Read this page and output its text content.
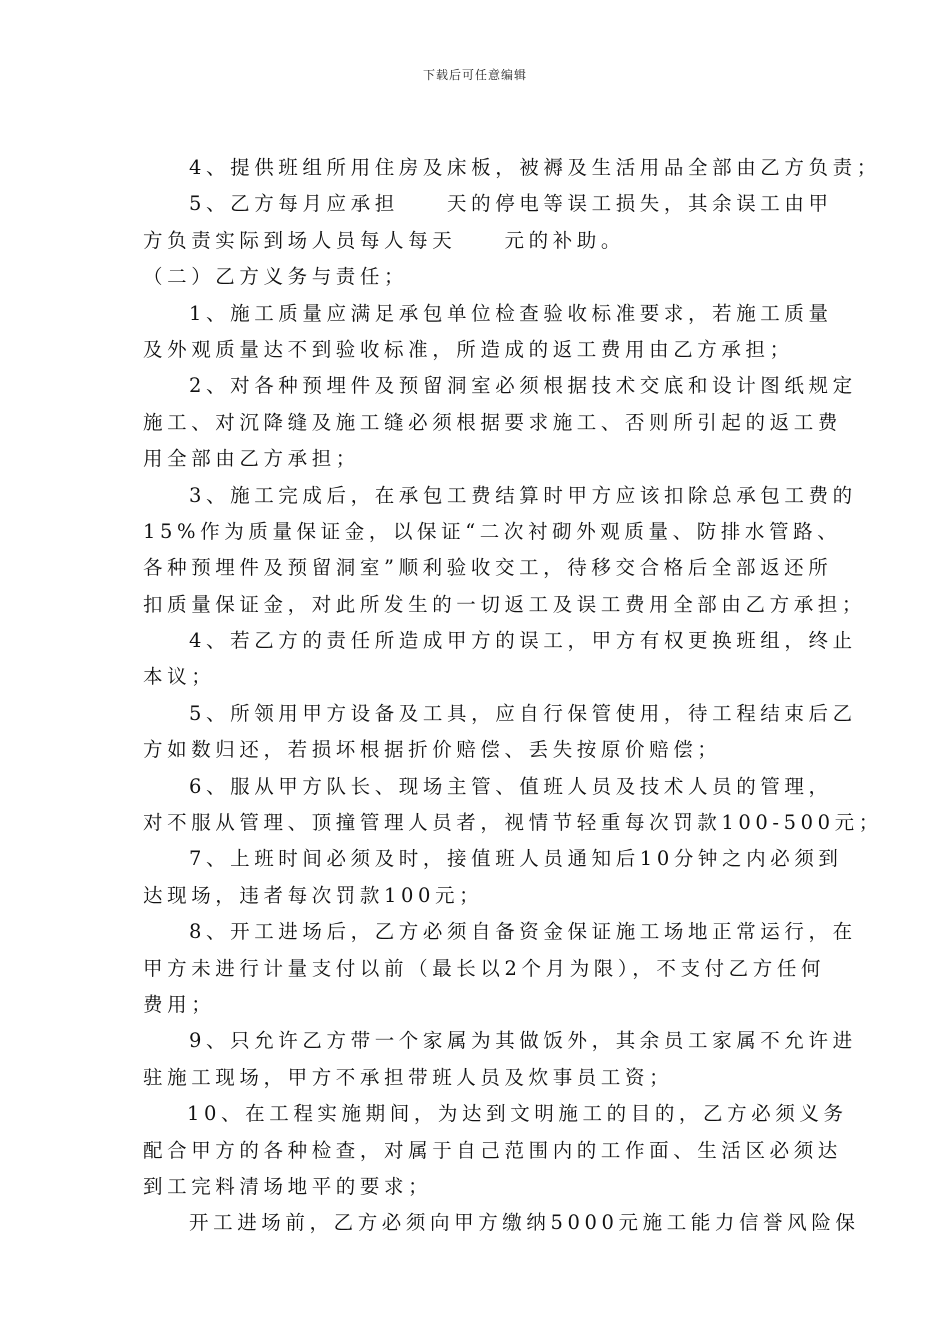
下载后可任意编辑
4、提供班组所用住房及床板，被褥及生活用品全部由乙方负责；
5、乙方每月应承担　　天的停电等误工损失，其余误工由甲
方负责实际到场人员每人每天　　元的补助。
（二）乙方义务与责任；
1、施工质量应满足承包单位检查验收标准要求，若施工质量
及外观质量达不到验收标准，所造成的返工费用由乙方承担；
2、对各种预埋件及预留洞室必须根据技术交底和设计图纸规定
施工、对沉降缝及施工缝必须根据要求施工、否则所引起的返工费
用全部由乙方承担；
3、施工完成后，在承包工费结算时甲方应该扣除总承包工费的
15%作为质量保证金，以保证“二次衬砌外观质量、防排水管路、
各种预埋件及预留洞室”顺利验收交工，待移交合格后全部返还所
扣质量保证金，对此所发生的一切返工及误工费用全部由乙方承担；
4、若乙方的责任所造成甲方的误工，甲方有权更换班组，终止
本议；
5、所领用甲方设备及工具，应自行保管使用，待工程结束后乙
方如数归还，若损坏根据折价赔偿、丢失按原价赔偿；
6、服从甲方队长、现场主管、值班人员及技术人员的管理，
对不服从管理、顶撞管理人员者，视情节轻重每次罚款100-500元；
7、上班时间必须及时，接值班人员通知后10分钟之内必须到
达现场，违者每次罚款100元；
8、开工进场后，乙方必须自备资金保证施工场地正常运行，在
甲方未进行计量支付以前（最长以2个月为限），不支付乙方任何
费用；
9、只允许乙方带一个家属为其做饭外，其余员工家属不允许进
驻施工现场，甲方不承担带班人员及炊事员工资；
10、在工程实施期间，为达到文明施工的目的，乙方必须义务
配合甲方的各种检查，对属于自己范围内的工作面、生活区必须达
到工完料清场地平的要求；
开工进场前，乙方必须向甲方缴纳5000元施工能力信誉风险保
